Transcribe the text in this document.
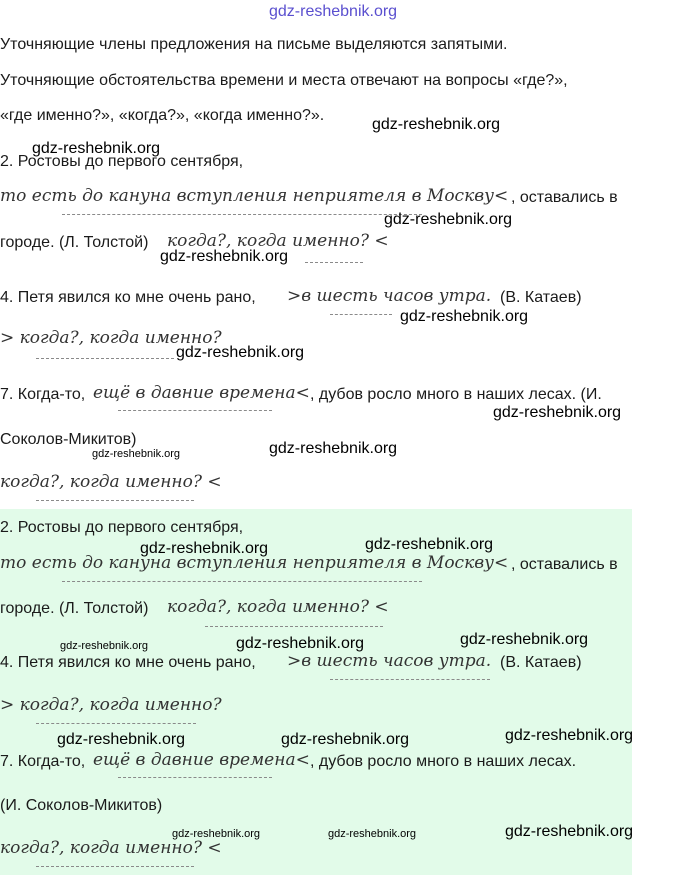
gdz-reshebnik.org
Уточняющие члены предложения на письме выделяются запятыми.
Уточняющие обстоятельства времени и места отвечают на вопросы «где?»,
«где именно?», «когда?», «когда именно?».
gdz-reshebnik.org
gdz-reshebnik.org
2. Ростовы до первого сентября,
то есть до кануна вступления неприятеля в Москву< , оставались в
gdz-reshebnik.org
городе. (Л. Толстой) когда?, когда именно? <
gdz-reshebnik.org
4. Петя явился ко мне очень рано, >в шесть часов утра. (В. Катаев)
gdz-reshebnik.org
> когда?, когда именно?
gdz-reshebnik.org
7. Когда-то, ещё в давние времена< , дубов росло много в наших лесах. (И.
gdz-reshebnik.org
Соколов-Микитов)
gdz-reshebnik.org	gdz-reshebnik.org
когда?, когда именно? <
2. Ростовы до первого сентября,
gdz-reshebnik.org	gdz-reshebnik.org
то есть до кануна вступления неприятеля в Москву< , оставались в
городе. (Л. Толстой) когда?, когда именно? <
gdz-reshebnik.org	gdz-reshebnik.org	gdz-reshebnik.org
4. Петя явился ко мне очень рано, >в шесть часов утра. (В. Катаев)
> когда?, когда именно?
gdz-reshebnik.org	gdz-reshebnik.org	gdz-reshebnik.org
7. Когда-то, ещё в давние времена< , дубов росло много в наших лесах.
(И. Соколов-Микитов)
gdz-reshebnik.org	gdz-reshebnik.org	gdz-reshebnik.org
когда?, когда именно? <
